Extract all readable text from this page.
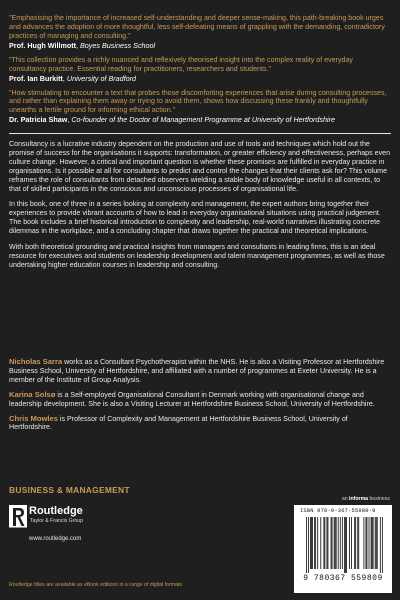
"Emphasising the importance of increased self-understanding and deeper sense-making, this path-breaking book urges and advances the adoption of more thoughtful, less self-defeating means of grappling with the demanding, contradictory practices of managing and consulting."
Prof. Hugh Willmott, Boyes Business School
"This collection provides a richly nuanced and reflexively theorised insight into the complex reality of everyday consultancy practice. Essential reading for practitioners, researchers and students."
Prof. Ian Burkitt, University of Bradford
"How stimulating to encounter a text that probes those discomforting experiences that arise during consulting processes, and rather than explaining them away or trying to avoid them, shows how discussing these frankly and thoughtfully unearths a fertile ground for informing ethical action."
Dr. Patricia Shaw, Co-founder of the Doctor of Management Programme at University of Hertfordshire

Consultancy is a lucrative industry dependent on the production and use of tools and techniques which hold out the promise of success for the organisations it supports: transformation, or greater efficiency and effectiveness, perhaps even culture change. However, a critical and important question is whether these promises are fulfilled in everyday practice in organisations. Is it possible at all for consultants to predict and control the changes that their clients ask for? This volume reframes the role of consultants from detached observers wielding a stable body of knowledge useful in all contexts, to that of skilled participants in the conscious and unconscious processes of organisational life.

In this book, one of three in a series looking at complexity and management, the expert authors bring together their experiences to provide vibrant accounts of how to lead in everyday organisational situations using practical judgement. The book includes a brief historical introduction to complexity and leadership, real-world narratives illustrating concrete dilemmas in the workplace, and a concluding chapter that draws together the practical and theoretical implications.

With both theoretical grounding and practical insights from managers and consultants in leading firms, this is an ideal resource for executives and students on leadership development and talent management programmes, as well as those undertaking higher education courses in leadership and consulting.

Nicholas Sarra works as a Consultant Psychotherapist within the NHS. He is also a Visiting Professor at Hertfordshire Business School, University of Hertfordshire, and affiliated with a number of programmes at Exeter University. He is a member of the Institute of Group Analysis.

Karina Solsø is a Self-employed Organisational Consultant in Denmark working with organisational change and leadership development. She is also a Visiting Lecturer at Hertfordshire Business School, University of Hertfordshire.

Chris Mowles is Professor of Complexity and Management at Hertfordshire Business School, University of Hertfordshire.

BUSINESS & MANAGEMENT
an informa business
Routledge
Taylor & Francis Group
www.routledge.com
Routledge titles are available as eBook editions in a range of digital formats
ISBN 978-0-367-55980-9
9 780367 559809
